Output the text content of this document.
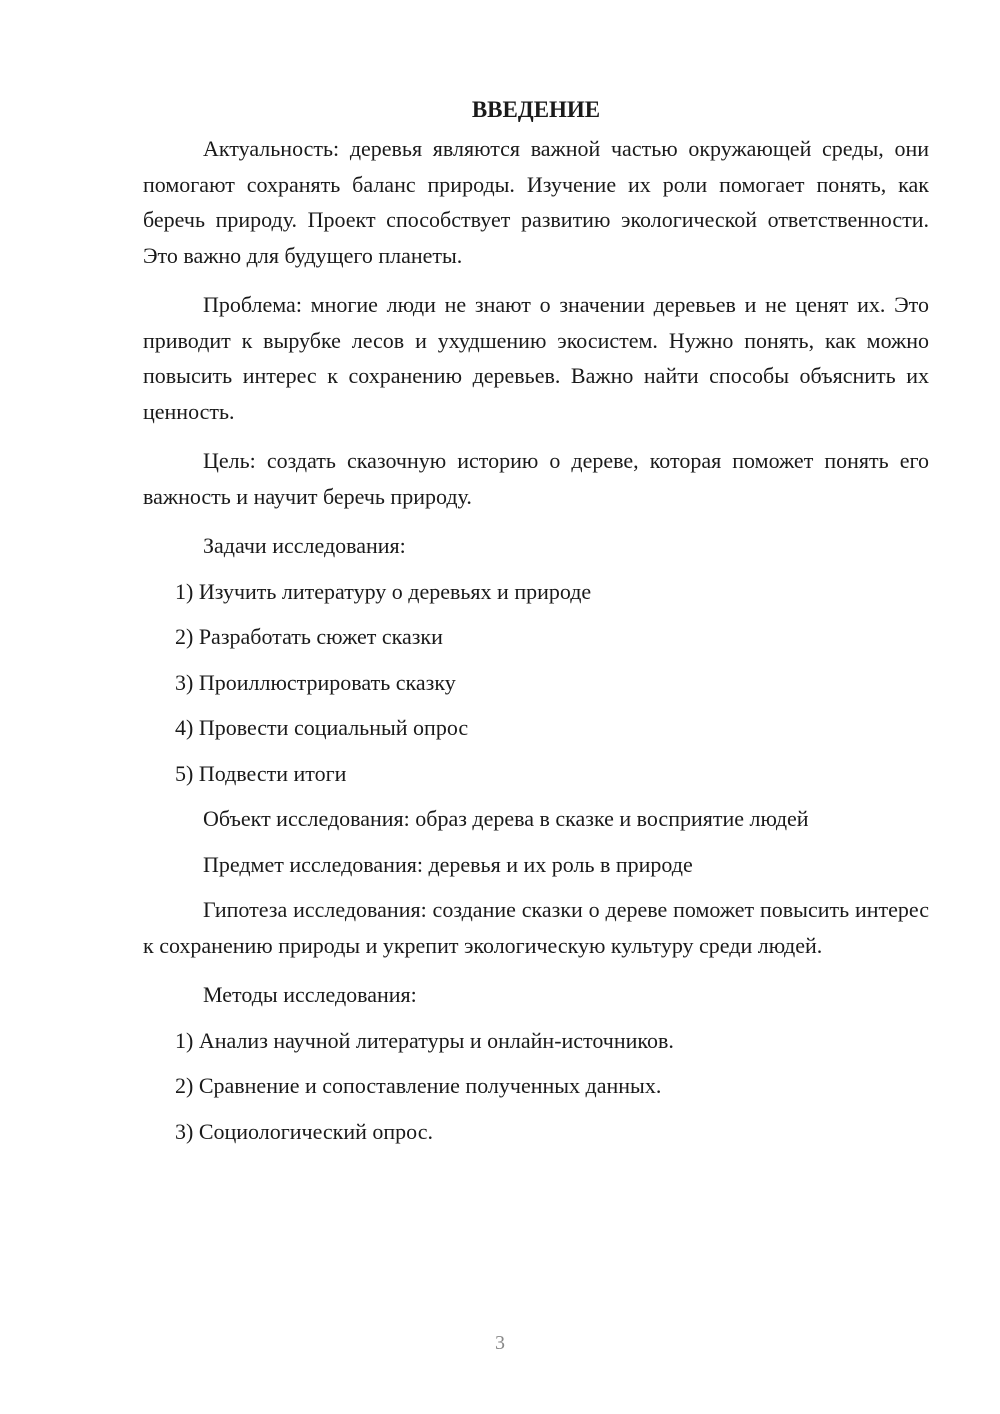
ВВЕДЕНИЕ

Актуальность: деревья являются важной частью окружающей среды, они помогают сохранять баланс природы. Изучение их роли помогает понять, как беречь природу. Проект способствует развитию экологической ответственности. Это важно для будущего планеты.

Проблема: многие люди не знают о значении деревьев и не ценят их. Это приводит к вырубке лесов и ухудшению экосистем. Нужно понять, как можно повысить интерес к сохранению деревьев. Важно найти способы объяснить их ценность.

Цель: создать сказочную историю о дереве, которая поможет понять его важность и научит беречь природу.

Задачи исследования:

1) Изучить литературу о деревьях и природе
2) Разработать сюжет сказки
3) Проиллюстрировать сказку
4) Провести социальный опрос
5) Подвести итоги

Объект исследования: образ дерева в сказке и восприятие людей

Предмет исследования: деревья и их роль в природе

Гипотеза исследования: создание сказки о дереве поможет повысить интерес к сохранению природы и укрепит экологическую культуру среди людей.

Методы исследования:

1) Анализ научной литературы и онлайн-источников.
2) Сравнение и сопоставление полученных данных.
3) Социологический опрос.
3
